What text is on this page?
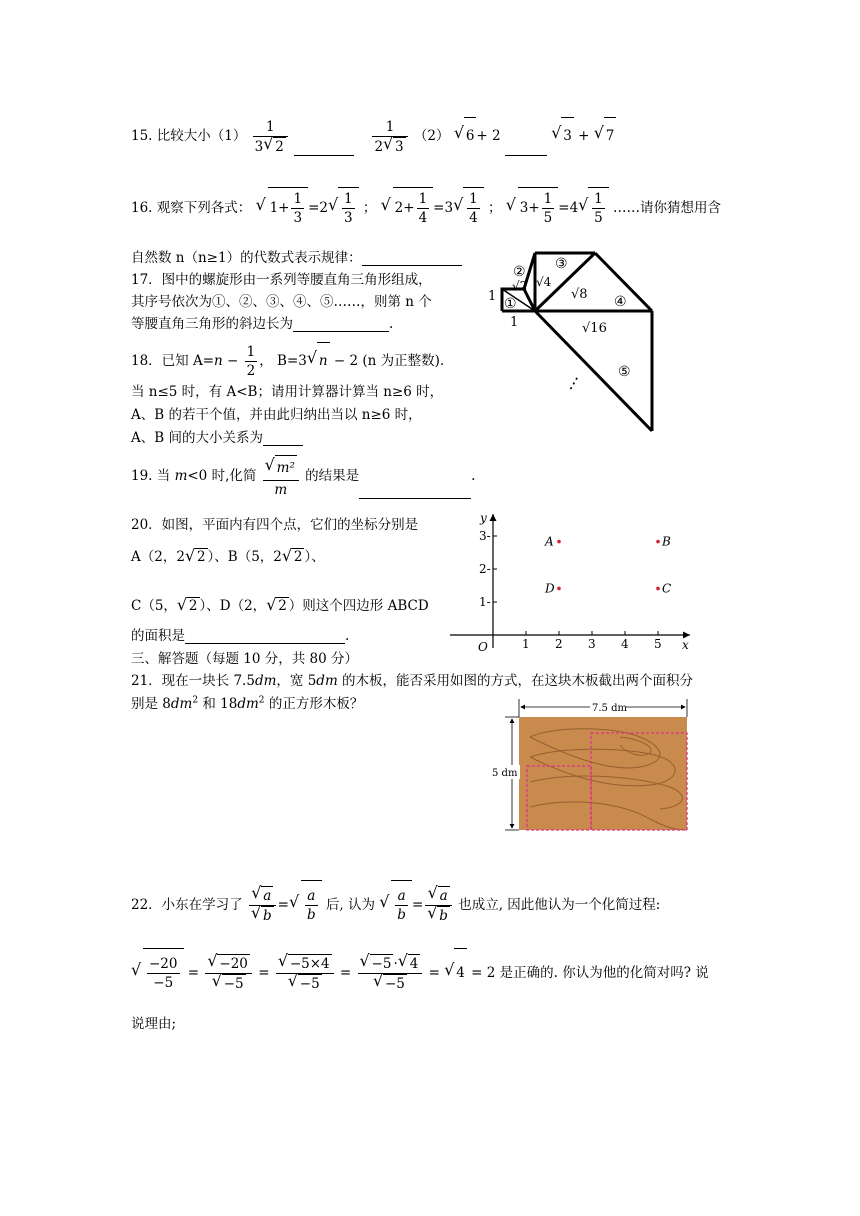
15. 比较大小$(1) \frac{1}{3 √ 2}$
	$\frac{1}{2 √ 3} (2)$ √ 6 + 2	√ 3 + √ 7
16. 观察下列各式： √ $1+ \frac{1}{3} =2$ √ $\frac{1}{3}$ ； √ $2+ \frac{1}{4} =3$ √ $\frac{1}{4}$ ； √ $3+ \frac{1}{5} =4$ √ $\frac{1}{5}$ ……请你猜想用含
自然数 n（n≥1）的代数式表示规律：
17．图中的螺旋形由一系列等腰直角三角形组成，
其序号依次为①、②、③、④、⑤……，则第 n 个
等腰直角三角形的斜边长为	.
1
1
①
② ③
④
⑤
√2 √4
√8
√16
⋮
18．已知 $A=n - \frac{1}{2}$ ， B=3 √ n − 2 (n 为正整数).
当 n≤5 时，有 A<B；请用计算器计算当 n≥6 时，
A、B 的若干个值，并由此归纳出当以 n≥6 时，
A、B 间的大小关系为
19. 当 m<0 时,化简 √ $\frac{\text{m²}}{m}$ 的结果是	.
20．如图，平面内有四个点，它们的坐标分别是
A（2，2 √ 2 ）、B（5，2 √ 2 ）、
C（5， √ 2 ）、D（2， √ 2 ）则这个四边形 ABCD
的面积是	.
x
y
O	1 2 3 4 5
1-
2-
3-	A	B
C
D
三、解答题（每题 10 分，共 80 分）
21．现在一块长 7.5dm，宽 5dm 的木板，能否采用如图的方式，在这块木板截出两个面积分
别是 $8dm^2$ 和 $18dm^2$ 的正方形木板？	7.5 dm
5 dm
22．小东在学习了 √ a
√ b = √ $\frac{a}{b}$ 后, 认为 √ $\frac{a}{b}$ = √ a
√ b 也成立, 因此他认为一个化简过程:
√ $\frac{-20}{-5}$ = √ −20
√ −5 = √ −5×4
√ −5 = √ −5 · √ 4
√ −5 = √ 4 = 2 是正确的. 你认为他的化简对吗? 说
说理由;
